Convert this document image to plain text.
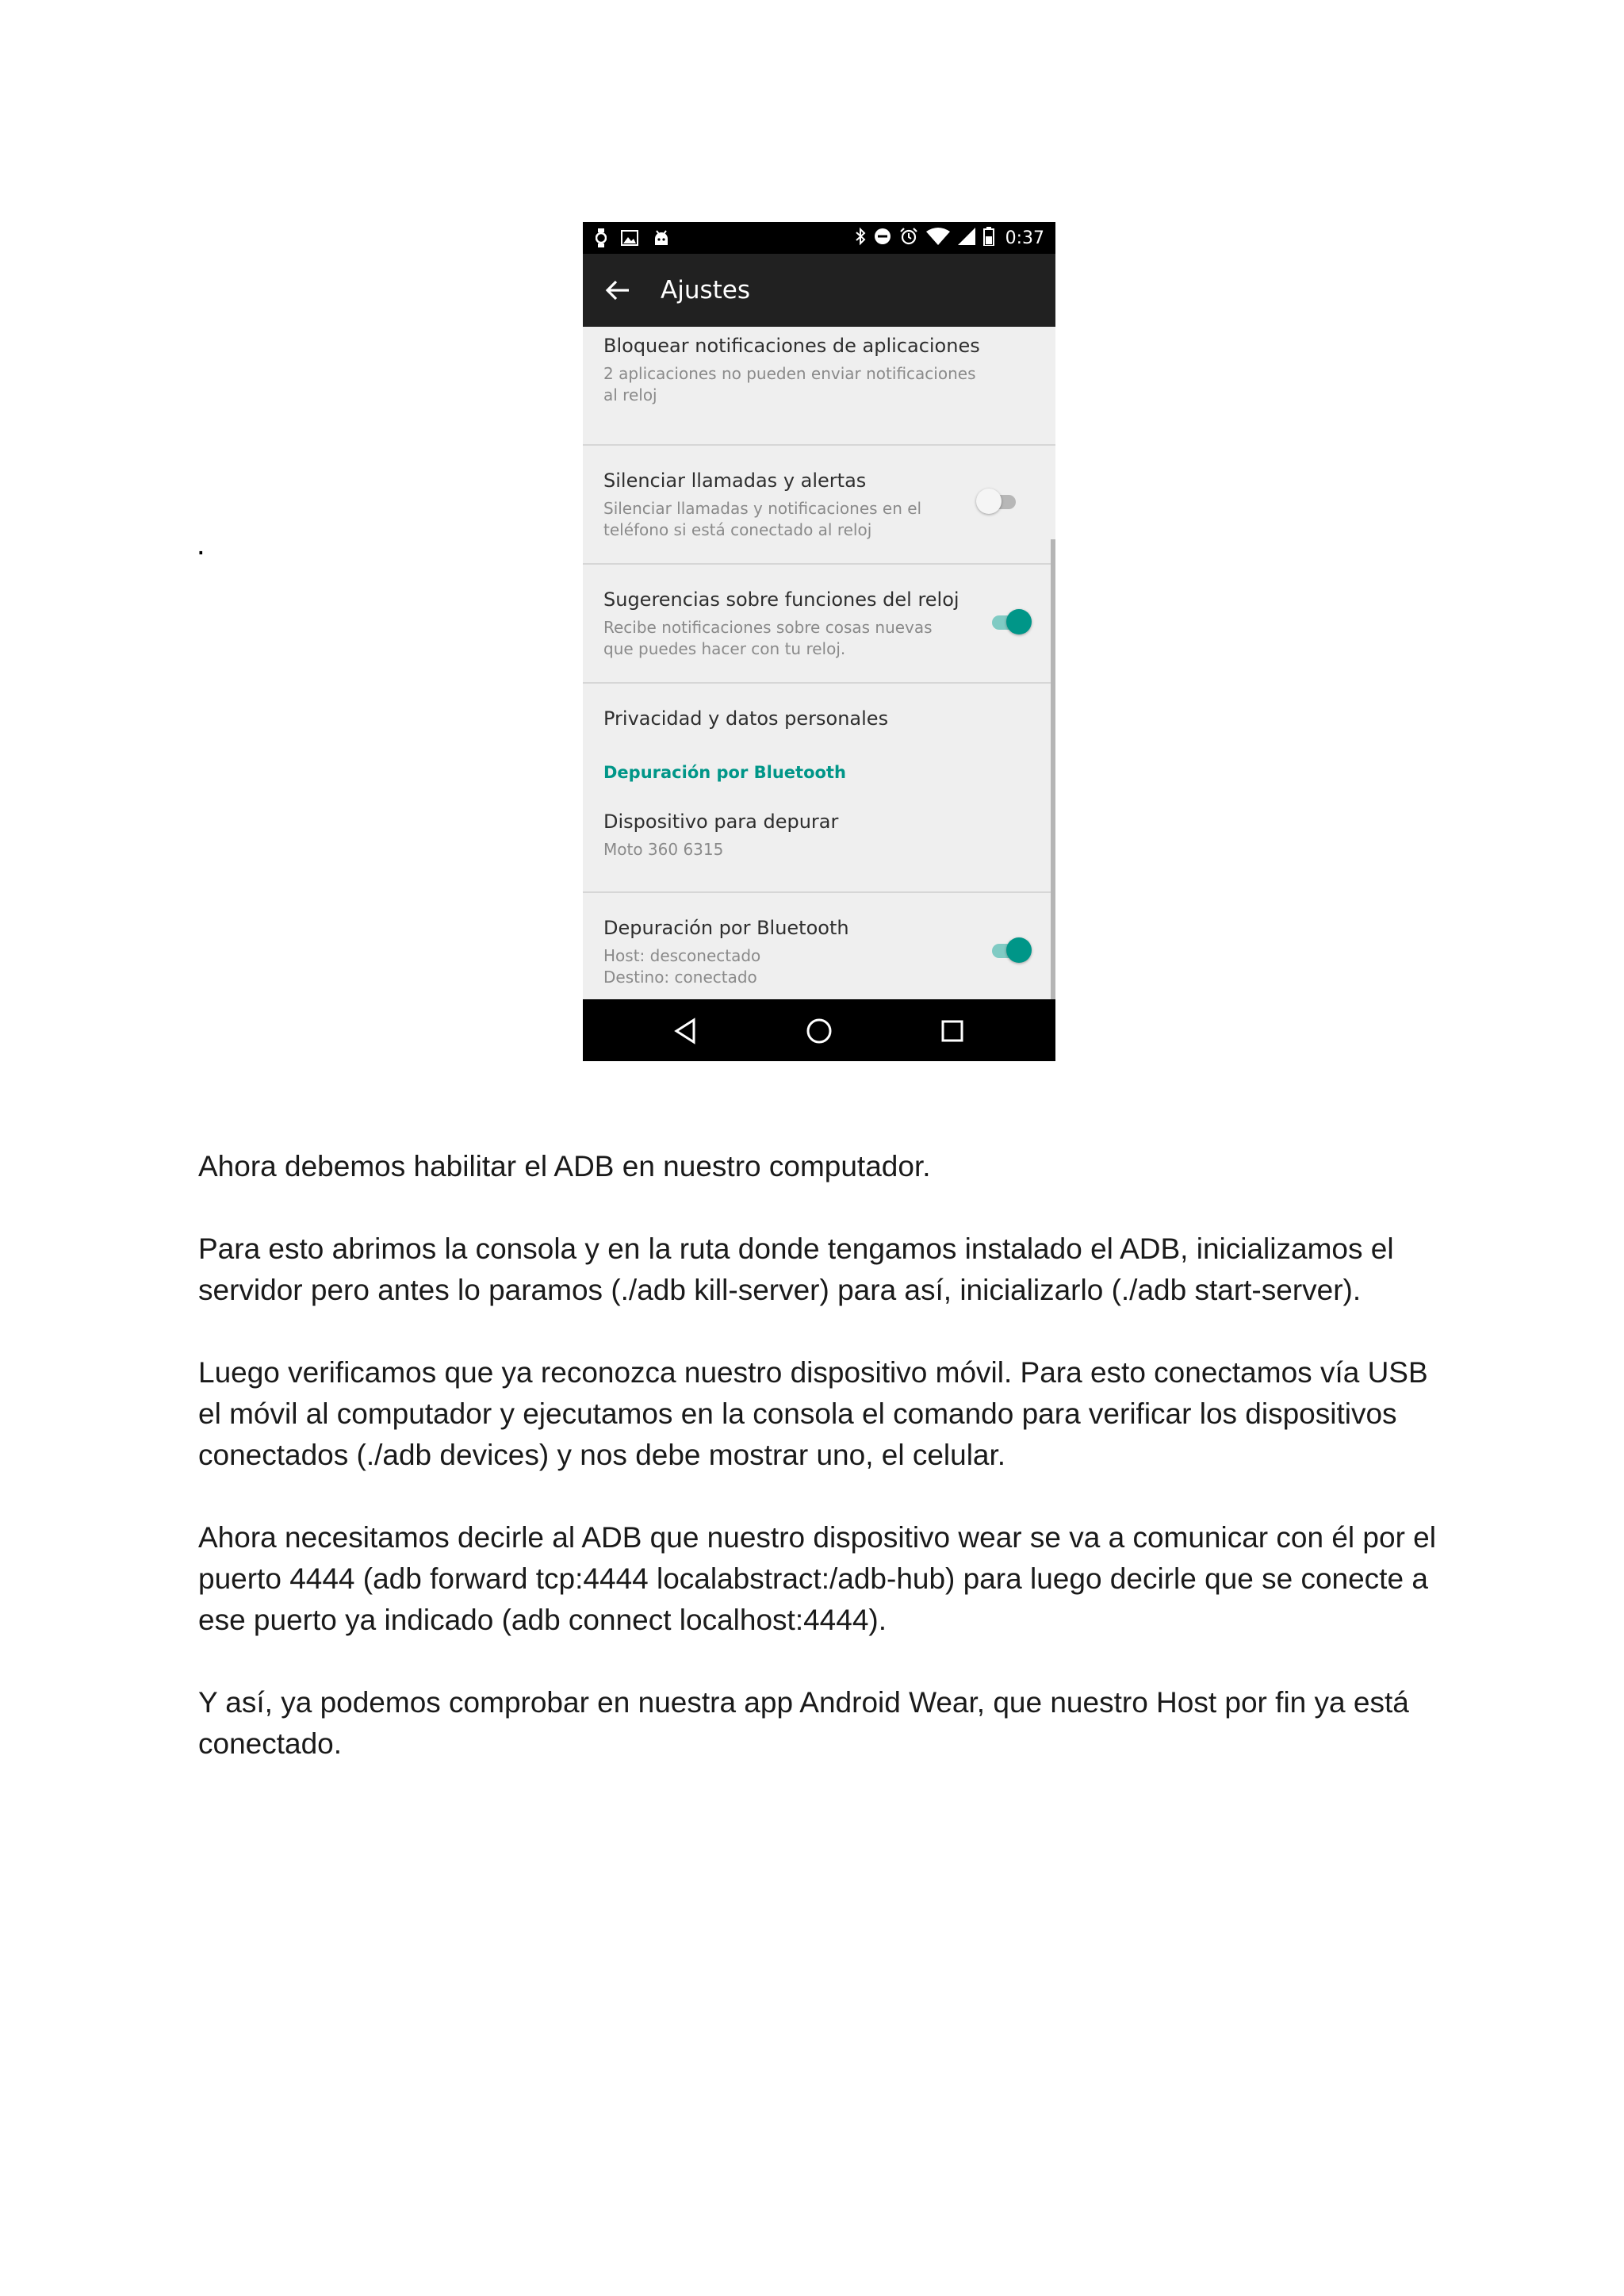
.
0:37
Ajustes
Bloquear notificaciones de aplicaciones
2 aplicaciones no pueden enviar notificaciones al reloj
Silenciar llamadas y alertas
Silenciar llamadas y notificaciones en el teléfono si está conectado al reloj
Sugerencias sobre funciones del reloj
Recibe notificaciones sobre cosas nuevas que puedes hacer con tu reloj.
Privacidad y datos personales
Depuración por Bluetooth
Dispositivo para depurar
Moto 360 6315
Depuración por Bluetooth
Host: desconectado
Destino: conectado

Ahora debemos habilitar el ADB en nuestro computador.

Para esto abrimos la consola y en la ruta donde tengamos instalado el ADB, inicializamos el servidor pero antes lo paramos (./adb kill-server) para así, inicializarlo (./adb start-server).

Luego verificamos que ya reconozca nuestro dispositivo móvil. Para esto conectamos vía USB el móvil al computador y ejecutamos en la consola el comando para verificar los dispositivos conectados (./adb devices) y nos debe mostrar uno, el celular.

Ahora necesitamos decirle al ADB que nuestro dispositivo wear se va a comunicar con él por el puerto 4444 (adb forward tcp:4444 localabstract:/adb-hub) para luego decirle que se conecte a ese puerto ya indicado (adb connect localhost:4444).

Y así, ya podemos comprobar en nuestra app Android Wear, que nuestro Host por fin ya está conectado.
